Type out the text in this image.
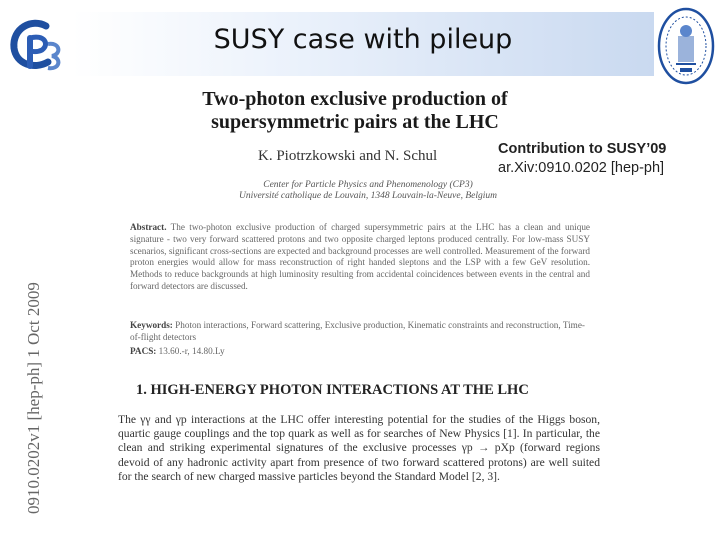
0910.0202v1 [hep-ph] 1 Oct 2009
Two-photon exclusive production of
supersymmetric pairs at the LHC
K. Piotrzkowski and N. Schul
Center for Particle Physics and Phenomenology (CP3)
Université catholique de Louvain, 1348 Louvain-la-Neuve, Belgium
Abstract. The two-photon exclusive production of charged supersymmetric pairs at the LHC has a clean and unique signature - two very forward scattered protons and two opposite charged leptons produced centrally. For low-mass SUSY scenarios, significant cross-sections are expected and background processes are well controlled. Measurement of the forward proton energies would allow for mass reconstruction of right handed sleptons and the LSP with a few GeV resolution. Methods to reduce backgrounds at high luminosity resulting from accidental coincidences between events in the central and forward detectors are discussed.
Keywords: Photon interactions, Forward scattering, Exclusive production, Kinematic constraints and reconstruction, Time-of-flight detectors
PACS: 13.60.-r, 14.80.Ly
1. HIGH-ENERGY PHOTON INTERACTIONS AT THE LHC

The γγ and γp interactions at the LHC offer interesting potential for the studies of the Higgs boson, quartic gauge couplings and the top quark as well as for searches of New Physics [1]. In particular, the clean and striking experimental signatures of the exclusive processes γp → pXp (forward regions devoid of any hadronic activity apart from presence of two forward scattered protons) are well suited for the search of new charged massive particles beyond the Standard Model [2, 3].

SUSY case with pileup
Contribution to SUSY’09
ar.Xiv:0910.0202 [hep-ph]
